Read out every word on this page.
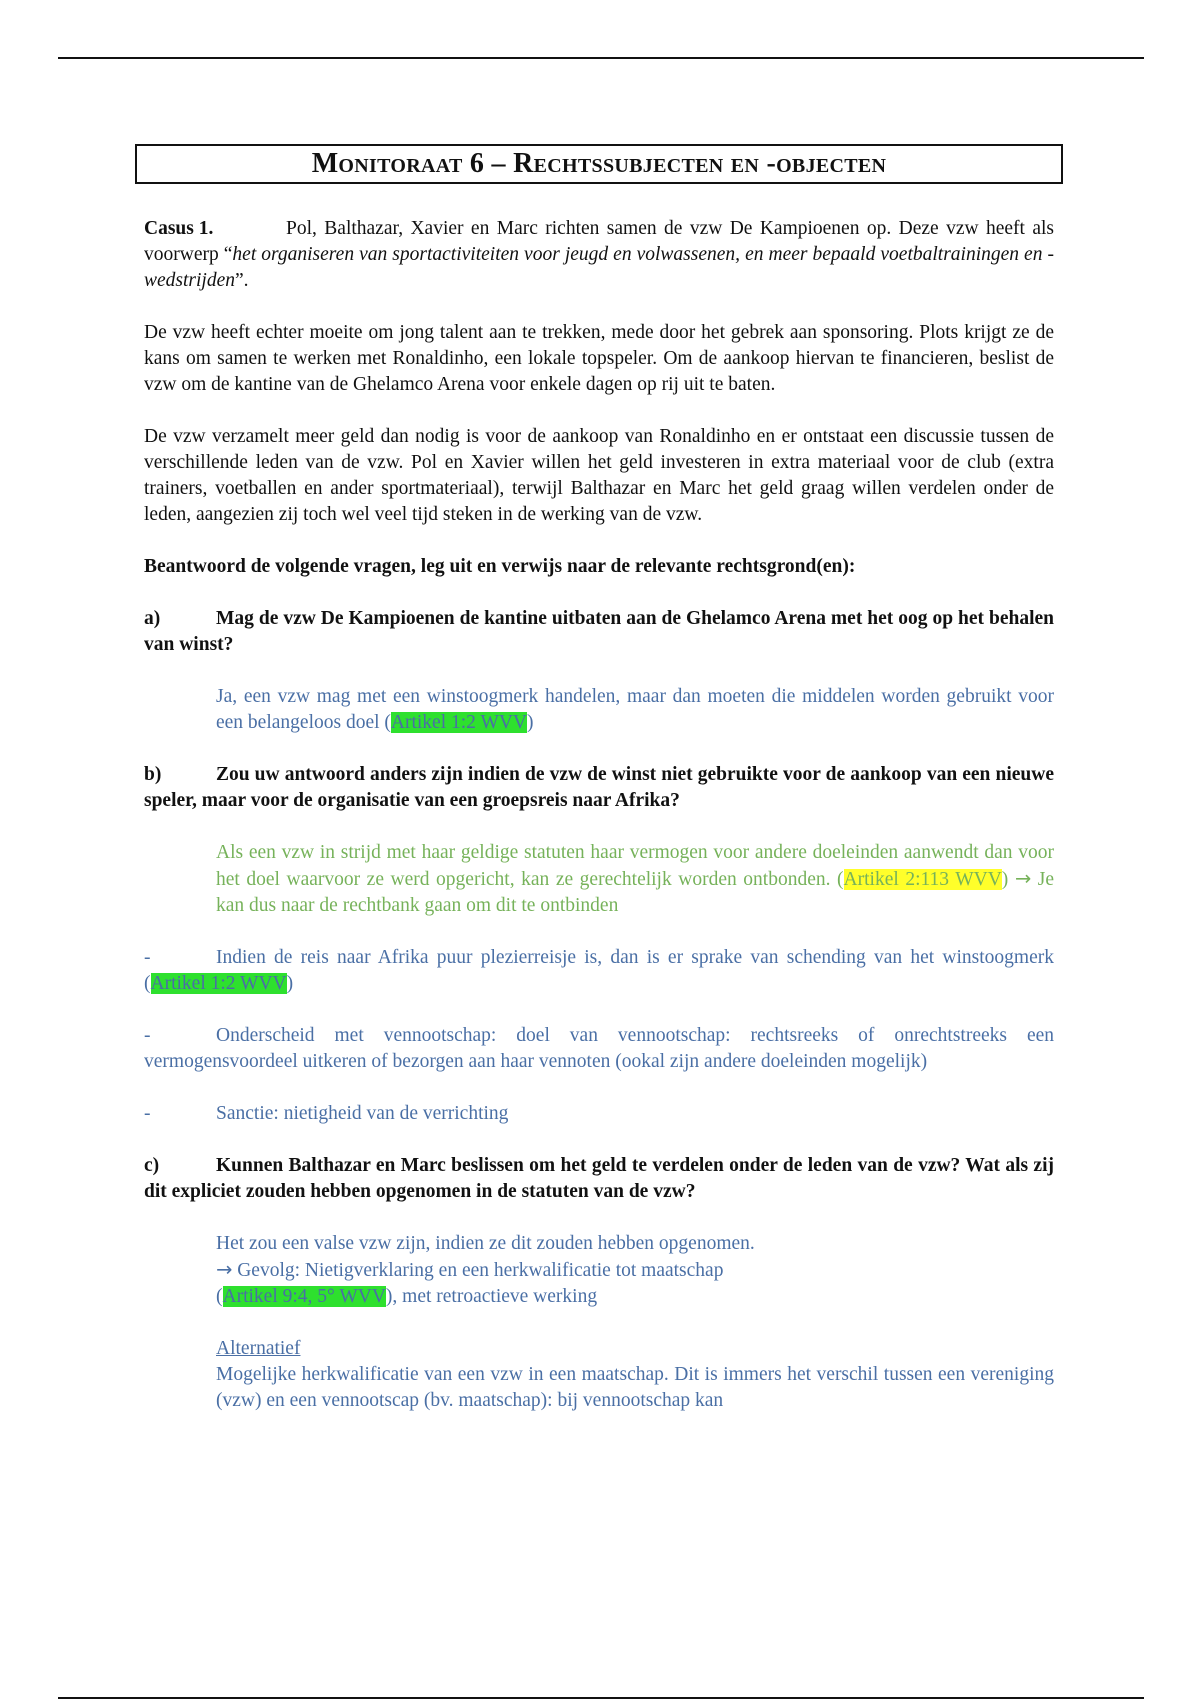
Monitoraat 6 – Rechtssubjecten en -objecten

Casus 1.	Pol, Balthazar, Xavier en Marc richten samen de vzw De Kampioenen op. Deze vzw heeft als voorwerp “het organiseren van sportactiviteiten voor jeugd en volwassenen, en meer bepaald voetbaltrainingen en -wedstrijden”.

De vzw heeft echter moeite om jong talent aan te trekken, mede door het gebrek aan sponsoring. Plots krijgt ze de kans om samen te werken met Ronaldinho, een lokale topspeler. Om de aankoop hiervan te financieren, beslist de vzw om de kantine van de Ghelamco Arena voor enkele dagen op rij uit te baten.

De vzw verzamelt meer geld dan nodig is voor de aankoop van Ronaldinho en er ontstaat een discussie tussen de verschillende leden van de vzw. Pol en Xavier willen het geld investeren in extra materiaal voor de club (extra trainers, voetballen en ander sportmateriaal), terwijl Balthazar en Marc het geld graag willen verdelen onder de leden, aangezien zij toch wel veel tijd steken in de werking van de vzw.

Beantwoord de volgende vragen, leg uit en verwijs naar de relevante rechtsgrond(en):

a)	Mag de vzw De Kampioenen de kantine uitbaten aan de Ghelamco Arena met het oog op het behalen van winst?

Ja, een vzw mag met een winstoogmerk handelen, maar dan moeten die middelen worden gebruikt voor een belangeloos doel (Artikel 1:2 WVV)

b)	Zou uw antwoord anders zijn indien de vzw de winst niet gebruikte voor de aankoop van een nieuwe speler, maar voor de organisatie van een groepsreis naar Afrika?

Als een vzw in strijd met haar geldige statuten haar vermogen voor andere doeleinden aanwendt dan voor het doel waarvoor ze werd opgericht, kan ze gerechtelijk worden ontbonden. (Artikel 2:113 WVV) → Je kan dus naar de rechtbank gaan om dit te ontbinden

-	Indien de reis naar Afrika puur plezierreisje is, dan is er sprake van schending van het winstoogmerk (Artikel 1:2 WVV)

-	Onderscheid met vennootschap: doel van vennootschap: rechtsreeks of onrechtstreeks een vermogensvoordeel uitkeren of bezorgen aan haar vennoten (ookal zijn andere doeleinden mogelijk)

-	Sanctie: nietigheid van de verrichting

c)	Kunnen Balthazar en Marc beslissen om het geld te verdelen onder de leden van de vzw? Wat als zij dit expliciet zouden hebben opgenomen in de statuten van de vzw?

Het zou een valse vzw zijn, indien ze dit zouden hebben opgenomen.
→ Gevolg: Nietigverklaring en een herkwalificatie tot maatschap
(Artikel 9:4, 5° WVV), met retroactieve werking
Alternatief

Mogelijke herkwalificatie van een vzw in een maatschap. Dit is immers het verschil tussen een vereniging (vzw) en een vennootscap (bv. maatschap): bij vennootschap kan
